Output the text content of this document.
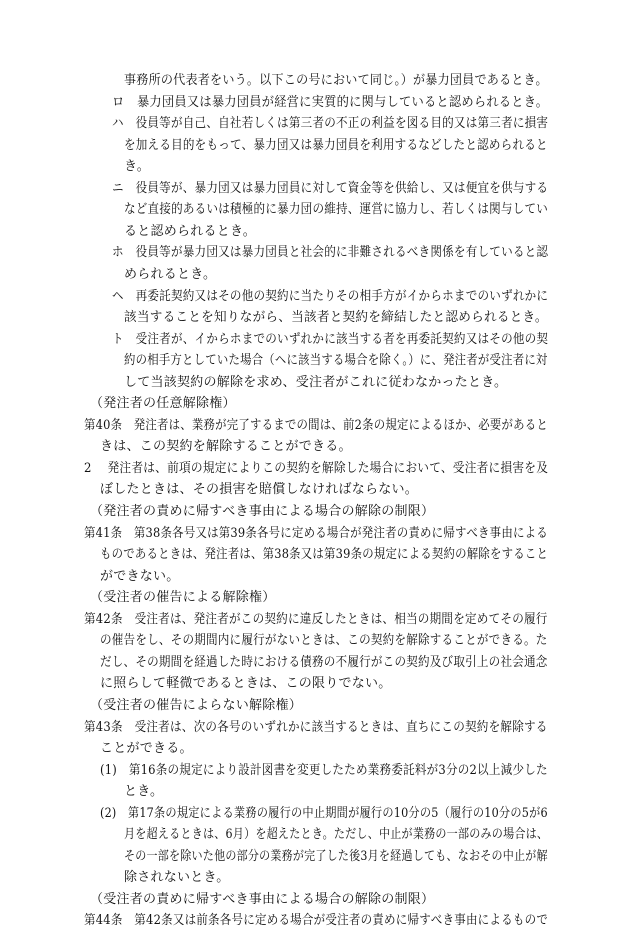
事務所の代表者をいう。以下この号において同じ。）が暴力団員であるとき。
ロ　暴力団員又は暴力団員が経営に実質的に関与していると認められるとき。
ハ　役員等が自己、自社若しくは第三者の不正の利益を図る目的又は第三者に損害
を加える目的をもって、暴力団又は暴力団員を利用するなどしたと認められると
き。
ニ　役員等が、暴力団又は暴力団員に対して資金等を供給し、又は便宜を供与する
など直接的あるいは積極的に暴力団の維持、運営に協力し、若しくは関与してい
ると認められるとき。
ホ　役員等が暴力団又は暴力団員と社会的に非難されるべき関係を有していると認
められるとき。
ヘ　再委託契約又はその他の契約に当たりその相手方がイからホまでのいずれかに
該当することを知りながら、当該者と契約を締結したと認められるとき。
ト　受注者が、イからホまでのいずれかに該当する者を再委託契約又はその他の契
約の相手方としていた場合（ヘに該当する場合を除く。）に、発注者が受注者に対
して当該契約の解除を求め、受注者がこれに従わなかったとき。
（発注者の任意解除権）
第40条　発注者は、業務が完了するまでの間は、前2条の規定によるほか、必要があると
きは、この契約を解除することができる。
2　 発注者は、前項の規定によりこの契約を解除した場合において、受注者に損害を及
ぼしたときは、その損害を賠償しなければならない。
（発注者の責めに帰すべき事由による場合の解除の制限）
第41条　第38条各号又は第39条各号に定める場合が発注者の責めに帰すべき事由による
ものであるときは、発注者は、第38条又は第39条の規定による契約の解除をすること
ができない。
（受注者の催告による解除権）
第42条　受注者は、発注者がこの契約に違反したときは、相当の期間を定めてその履行
の催告をし、その期間内に履行がないときは、この契約を解除することができる。た
だし、その期間を経過した時における債務の不履行がこの契約及び取引上の社会通念
に照らして軽微であるときは、この限りでない。
（受注者の催告によらない解除権）
第43条　受注者は、次の各号のいずれかに該当するときは、直ちにこの契約を解除する
ことができる。
(1)　第16条の規定により設計図書を変更したため業務委託料が3分の2以上減少した
とき。
(2)　第17条の規定による業務の履行の中止期間が履行の10分の5（履行の10分の5が6
月を超えるときは、6月）を超えたとき。ただし、中止が業務の一部のみの場合は、
その一部を除いた他の部分の業務が完了した後3月を経過しても、なおその中止が解
除されないとき。
（受注者の責めに帰すべき事由による場合の解除の制限）
第44条　第42条又は前条各号に定める場合が受注者の責めに帰すべき事由によるもので
